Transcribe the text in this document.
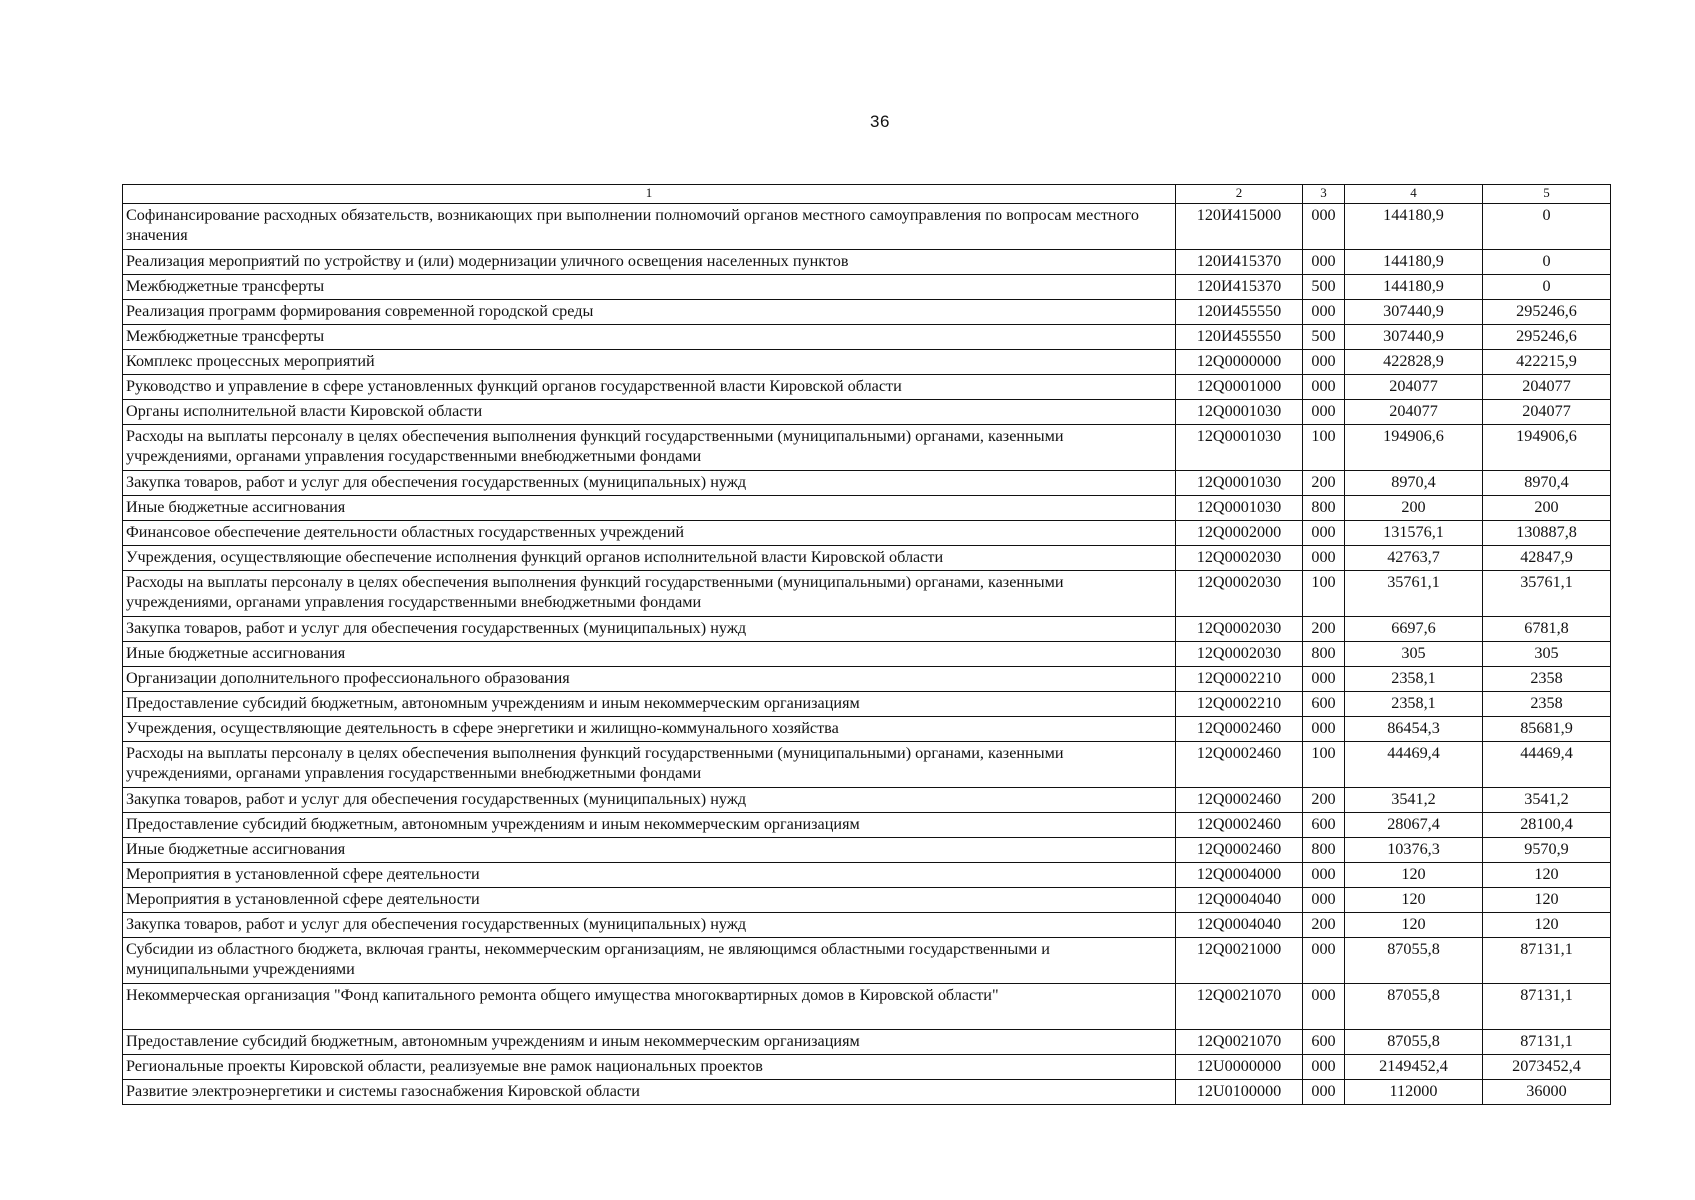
36
1	2	3	4	5
Софинансирование расходных обязательств, возникающих при выполнении полномочий органов местного самоуправления по вопросам местного значения	120И415000	000	144180,9	0
Реализация мероприятий по устройству и (или) модернизации уличного освещения населенных пунктов	120И415370	000	144180,9	0
Межбюджетные трансферты	120И415370	500	144180,9	0
Реализация программ формирования современной городской среды	120И455550	000	307440,9	295246,6
Межбюджетные трансферты	120И455550	500	307440,9	295246,6
Комплекс процессных мероприятий	12Q0000000	000	422828,9	422215,9
Руководство и управление в сфере установленных функций органов государственной власти Кировской области	12Q0001000	000	204077	204077
Органы исполнительной власти Кировской области	12Q0001030	000	204077	204077
Расходы на выплаты персоналу в целях обеспечения выполнения функций государственными (муниципальными) органами, казенными учреждениями, органами управления государственными внебюджетными фондами	12Q0001030	100	194906,6	194906,6
Закупка товаров, работ и услуг для обеспечения государственных (муниципальных) нужд	12Q0001030	200	8970,4	8970,4
Иные бюджетные ассигнования	12Q0001030	800	200	200
Финансовое обеспечение деятельности областных государственных учреждений	12Q0002000	000	131576,1	130887,8
Учреждения, осуществляющие обеспечение исполнения функций органов исполнительной власти Кировской области	12Q0002030	000	42763,7	42847,9
Расходы на выплаты персоналу в целях обеспечения выполнения функций государственными (муниципальными) органами, казенными учреждениями, органами управления государственными внебюджетными фондами	12Q0002030	100	35761,1	35761,1
Закупка товаров, работ и услуг для обеспечения государственных (муниципальных) нужд	12Q0002030	200	6697,6	6781,8
Иные бюджетные ассигнования	12Q0002030	800	305	305
Организации дополнительного профессионального образования	12Q0002210	000	2358,1	2358
Предоставление субсидий бюджетным, автономным учреждениям и иным некоммерческим организациям	12Q0002210	600	2358,1	2358
Учреждения, осуществляющие деятельность в сфере энергетики и жилищно-коммунального хозяйства	12Q0002460	000	86454,3	85681,9
Расходы на выплаты персоналу в целях обеспечения выполнения функций государственными (муниципальными) органами, казенными учреждениями, органами управления государственными внебюджетными фондами	12Q0002460	100	44469,4	44469,4
Закупка товаров, работ и услуг для обеспечения государственных (муниципальных) нужд	12Q0002460	200	3541,2	3541,2
Предоставление субсидий бюджетным, автономным учреждениям и иным некоммерческим организациям	12Q0002460	600	28067,4	28100,4
Иные бюджетные ассигнования	12Q0002460	800	10376,3	9570,9
Мероприятия в установленной сфере деятельности	12Q0004000	000	120	120
Мероприятия в установленной сфере деятельности	12Q0004040	000	120	120
Закупка товаров, работ и услуг для обеспечения государственных (муниципальных) нужд	12Q0004040	200	120	120
Субсидии из областного бюджета, включая гранты, некоммерческим организациям, не являющимся областными государственными и муниципальными учреждениями	12Q0021000	000	87055,8	87131,1
Некоммерческая организация "Фонд капитального ремонта общего имущества многоквартирных домов в Кировской области"	12Q0021070	000	87055,8	87131,1
Предоставление субсидий бюджетным, автономным учреждениям и иным некоммерческим организациям	12Q0021070	600	87055,8	87131,1
Региональные проекты Кировской области, реализуемые вне рамок национальных проектов	12U0000000	000	2149452,4	2073452,4
Развитие электроэнергетики и системы газоснабжения Кировской области	12U0100000	000	112000	36000
